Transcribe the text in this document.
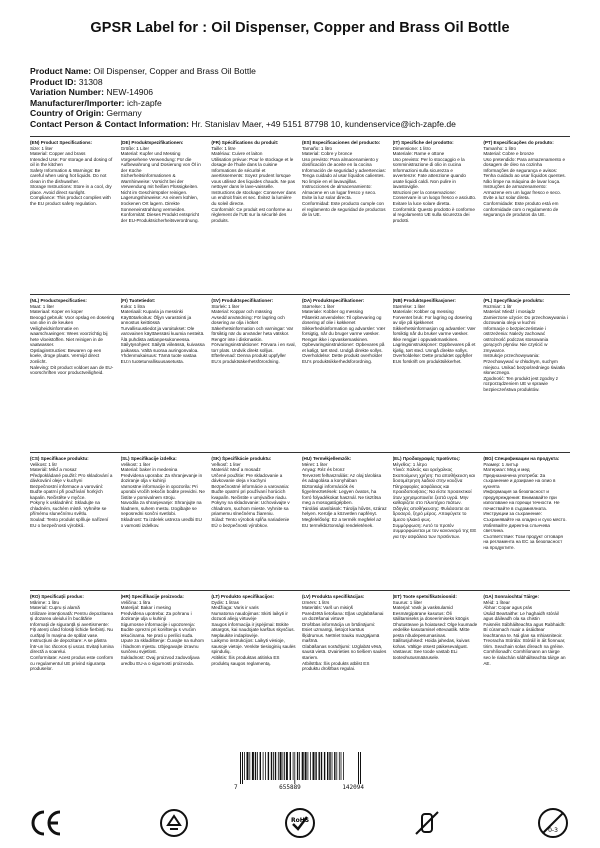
GPSR Label for : Oil Dispenser, Copper and Brass Oil Bottle
Product Name: Oil Dispenser, Copper and Brass Oil Bottle
Product ID: 31308
Variation Number: NEW-14906
Manufacturer/Importer: ich-zapfe
Country of Origin: Germany
Contact Person & Contact Information: Hr. Stanislav Maer, +49 5151 87798 10, kundenservice@ich-zapfe.de
(EN) Product Specifications:
Size: 1 liter
Material: Copper and brass
Intended Use: For storage and dosing of oil in the kitchen
Safety Information & Warnings: Be careful when using hot liquids. Do not clean in the dishwasher.
Storage Instructions: Store in a cool, dry place. Avoid direct sunlight.
Compliance: This product complies with the EU product safety regulation.
(DE) Produktspezifikationen:
Größe: 1 Liter
Material: Kupfer und Messing
Vorgesehene Verwendung: Für die Aufbewahrung und Dosierung von Öl in der Küche
Sicherheitsinformationen & Warnhinweise: Vorsicht bei der Verwendung mit heißen Flüssigkeiten. Nicht im Geschirrspüler reinigen.
Lagerungshinweise: An einem kühlen, trockenen Ort lagern. Direkte Sonneneinstrahlung vermeiden.
Konformität: Dieses Produkt entspricht der EU-Produktsicherheitsverordnung.
(FR) Spécifications du produit:
Taille: 1 litre
Matériau: Cuivre et laiton
Utilisation prévue: Pour le stockage et le dosage de l'huile dans la cuisine
Informations de sécurité et avertissements: Soyez prudent lorsque vous utilisez des liquides chauds. Ne pas nettoyer dans le lave-vaisselle.
Instructions de stockage: Conserver dans un endroit frais et sec. Évitez la lumière du soleil directe.
Conformité: Ce produit est conforme au règlement de l'UE sur la sécurité des produits.
(ES) Especificaciones del producto:
Tamaño: 1 litro
Material: Cobre y bronce
Uso previsto: Para almacenamiento y dosificación de aceite en la cocina
Información de seguridad y advertencias: Tenga cuidado al usar líquidos calientes. No limpie en el lavavajillas.
Instrucciones de almacenamiento: Almacene en un lugar fresco y seco. Evite la luz solar directa.
Conformidad: Este producto cumple con el reglamento de seguridad de productos de la UE.
(IT) Specifiche del prodotto:
Dimensione: 1 litro
Materiale: Rame e ottone
Uso previsto: Per lo stoccaggio e la somministrazione di olio in cucina
Informazioni sulla sicurezza e avvertenze: Fate attenzione quando usate liquidi caldi. Non pulire in lavastoviglie.
Istruzioni per la conservazione: Conservare in un luogo fresco e asciutto. Evitare la luce solare diretta.
Conformità: Questo prodotto è conforme al regolamento UE sulla sicurezza dei prodotti.
(PT) Especificações do produto:
Tamanho: 1 litro
Material: Cobre e bronze
Uso pretendido: Para armazenamento e dosagem de óleo na cozinha
Informações de segurança e avisos: Tenha cuidado ao usar líquidos quentes. Não limpe na máquina de lavar louça.
Instruções de armazenamento: Armazene em um lugar fresco e seco. Evite a luz solar direta.
Conformidade: Este produto está em conformidade com o regulamento de segurança de produtos da UE.
(NL) Productspecificaties:
Maat: 1 liter
Materiaal: Koper en koper
Beoogd gebruik: Voor opslag en dosering van olie in de keuken
Veiligheidsinformatie en waarschuwingen: Wees voorzichtig bij hete vloeistoffen. Niet reinigen in de vaatwasser.
Opslaginstructies: Bewaren op een koele, droge plaats. Vermijd direct zonlicht.
Naleving: Dit product voldoet aan de EU-voorschriften voor productveiligheid.
(FI) Tuotetiedot:
Koko: 1 litra
Materiaali: Kuparia ja messinki
Käyttötarkoitus: Öljyn varastointi ja annostus keittiössä
Turvallisuustiedot ja varoitukset: Ole varovainen käyttäessäsi kuumia nesteitä. Älä puhdista astianpesukoneessa.
Säilytysohjeet: Säilytä viileässä, kuivassa paikassa. Vältä suoraa auringonvaloa.
Yhdenmukaisuus: Tämä tuote vastaa EU:n tuoteturvallisuusasetusta.
(SV) Produktspecifikationer:
Storlek: 1 liter
Material: Koppar och mässing
Avsedd användning: För lagring och dosering av olja i köket
Säkerhetsinformation och varningar: Var försiktig när du använder heta vätskor. Rengör inte i diskmaskin.
Förvaringsinstruktioner: Förvara i en sval, torr plats. Undvik direkt solljus.
Efterlevnad: Denna produkt uppfyller EU:s produktsäkerhetsförordning.
(DA) Produktspecifikationer:
Størrelse: 1 liter
Materiale: Kobber og messing
Påtænkt anvendelse: Til opbevaring og dosering af olie i køkkenet
Sikkerhedsinformation og advarsler: Vær forsigtig, når du bruger varme væsker. Rengør ikke i opvaskemaskinen.
Opbevaringsinstruktioner: Opbevares på et køligt, tørt sted. Undgå direkte sollys.
Overholdelse: Dette produkt overholder EU's produktsikkerhedsforordning.
(NB) Produktspesifikasjoner:
Størrelse: 1 liter
Materiale: Kobber og messing
Forventet bruk: For lagring og dosering av olje på kjøkkenet
Sikkerhetsinformasjon og advarsler: Vær forsiktig når du bruker varme væsker. Ikke rengjør i oppvaskmaskinen.
Lagringsinstruksjoner: Oppbevares på et kjølig, tørt sted. Unngå direkte sollys.
Overholdelse: Dette produktet oppfyller EUs forskrift om produktsikkerhet.
(PL) Specyfikacje produktu:
Rozmiar: 1 litr
Materiał: Miedź i mosiądz
Zamierzone użycie: Do przechowywania i dozowania oleju w kuchni
Informacje o bezpieczeństwie i ostrzeżenia: Należy zachować ostrożność podczas stosowania gorących płynów. Nie czyścić w zmywarce.
Instrukcje przechowywania: Przechowywać w chłodnym, suchym miejscu. Unikać bezpośredniego światła słonecznego.
Zgodność: Ten produkt jest zgodny z rozporządzeniem UE w sprawie bezpieczeństwa produktów.
(CS) Specifikace produktu:
Velikost: 1 litr
Materiál: Měď a mosaz
Předpokládané použití: Pro skladování a dávkování oleje v kuchyni
Bezpečnostní informace a varování: Buďte opatrní při používání horkých kapalin. Nečistěte v myčce.
Pokyny k uskladnění: Skladujte na chladném, suchém místě. Vyhněte se přímému slunečnímu světlu.
Soulad: Tento produkt splňuje nařízení EU o bezpečnosti výrobků.
(SL) Specifikacije izdelka:
Velikost: 1 liter
Material: baker in medenina
Predvidena uporaba: Za shranjevanje in doziranje olja v kuhinji
Varnostne informacije in opozorila: Pri uporabi vročih tekočin bodite previdni. Ne čistite v pomivalnem stroju.
Navodila za shranjevanje: Shranjujte na hladnem, suhem mestu. Izogibajte se neposredni sončni svetlobi.
Skladnost: Ta izdelek ustreza uredbi EU o varnosti izdelkov.
(SK) Špecifikácie produktu:
Veľkosť: 1 liter
Materiál: Meď a mosadz
Určené použitie: Pre skladovanie a dávkovanie oleja v kuchyni
Bezpečnostné informácie a varovania: Buďte opatrní pri používaní horúcich kvapalín. Nečistite v umývačke riadu.
Pokyny na skladovanie: Uchovávajte v chladnom, suchom mieste. Vyhnite sa priamemu slnečnému žiareniu.
Súlad: Tento výrobok spĺňa nariadenie EÚ o bezpečnosti výrobkov.
(HU) Termékjellemzők:
Méret: 1 liter
Anyag: Réz és bronz
Tervezett felhasználás: Az olaj tárolása és adagolása a konyhában
Biztonsági információk és figyelmeztetések: Legyen óvatos, ha forró folyadékokat használ. Ne tisztítsa meg a mosogatógépben.
Tárolási utasítások: Tárolja hűvös, száraz helyen. Kerülje a közvetlen napfényt.
Megfelelőség: Ez a termék megfelel az EU termékbiztonsági rendeletének.
(EL) Προδιαγραφές προϊόντος:
Μέγεθος: 1 λίτρο
Υλικό: Χαλκός και ορείχαλκος
Σκοπούμενη χρήση: Για αποθήκευση και δοσομέτρηση λαδιού στην κουζίνα
Πληροφορίες ασφάλειας και προειδοποιήσεις: Να είστε προσεκτικοί όταν χρησιμοποιείτε ζεστά υγρά. Μην καθαρίζετε στο πλυντήριο πιάτων.
Οδηγίες αποθήκευσης: Φυλάσσετε σε δροσερό, ξηρό μέρος. Αποφύγετε το άμεσο ηλιακό φως.
Συμμόρφωση: Αυτό το προϊόν συμμορφώνεται με τον κανονισμό της ΕΕ για την ασφάλεια των προϊόντων.
(BG) Спецификации на продукта:
Размер: 1 литър
Материал: Мед и мед
Предназначена употреба: За съхранение и дозиране на олио в кухнята
Информация за безопасност и предупреждения: Внимавайте при използване на горещи течности. Не почиствайте в съдомиялната.
Инструкции за съхранение: Съхранявайте на хладно и сухо място. Избягвайте директна слънчева светлина.
Съответствие: Този продукт отговаря на регламента на ЕС за безопасност на продуктите.
(RO) Specificații produs:
Mărime: 1 litru
Material: Cupru și alamă
Utilizare intenționată: Pentru depozitarea și dozarea uleiului în bucătărie
Informații de siguranță și avertismente: Fiți atenți când folosiți lichide fierbinți. Nu curățați în mașina de spălat vase.
Instrucțiuni de depozitare: A se păstra într-un loc răcoros și uscat. Evitați lumina directă a soarelui.
Conformitate: Acest produs este conform cu regulamentul UE privind siguranța produselor.
(HR) Specifikacije proizvoda:
Veličina: 1 litra
Materijal: Bakar i mesing
Predviđena upotreba: Za pohranu i doziranje ulja u kuhinji
Sigurnosne informacije i upozorenja: Budite oprezni pri korištenju s vrućim tekućinama. Ne prati u perilici suđa.
Upute za skladištenje: Čuvajte na suhom i hladnom mjestu. Izbjegavajte izravnu sunčevu svjetlost.
Sukladnost: Ovaj proizvod zadovoljava uredbu EU-a o sigurnosti proizvoda.
(LT) Produkto specifikacijos:
Dydis: 1 litras
Medžiaga: Varis ir varis
Numatoma naudojimas: Skirti laikyti ir dozuoti aliejų virtuvėje
Saugos informacija ir įspėjimai: Būkite atsargūs, kai naudojate karštus skysčius. Neplaukite indaplovėje.
Laikymo instrukcijos: Laikyti vėsioje, sausoje vietoje. Venkite tiesioginių saulės spindulių.
Atitiktis: Šis produktas atitinka ES produktų saugos reglamentą.
(LV) Produkta specifikācijas:
Izmērs: 1 litrs
Materiāls: Varš un misiņš
Paredzētā lietošana: Eļļas uzglabāšanai un dozēšanai virtuvē
Drošības informācija un brīdinājumi: Esiet uzmanīgi, lietojot karstus šķidrumus. Netīriet trauku mazgājamā mašīnā.
Glabāšanas norādījumi: Uzglabāt vēsā, sausā vietā. Izvairieties no tiešiem saules stariem.
Atbilstība: Šis produkts atbilst ES produktu drošības regulai.
(ET) Toote spetsifikatsioonid:
Suurus: 1 liiter
Materjal: Vask ja vasksulamid
Eesmärgipärane kasutus: Õli säilitamiseks ja doseerimiseks köögis
Ohutusteave ja hoiatused: Olge kuumade vedelike kasutamisel ettevaatlik. Mitte pesta nõudepesumasinas.
Säilitusjuhised: Hoida jahedas, kuivas kohas. Vältige otsest päikesevalgust.
Vastavus: See toode vastab ELi tooteohutusmäärusele.
(GA) Sonraíochtaí Táirge:
Méid: 1 lítear
Ábhar: Copar agus prás
Úsáid Beartaithe: Le haghaidh stóráil agus dáileadh ola sa chistin
Faisnéis Sábháilteachta agus Rabhaidh: Bí cúramach nuair a úsáidtear leachtanna te. Ná glan sa mhiasniteoir.
Treoracha Stórála: Stóráil in áit fionnuar, tirim. Seachain solas díreach na gréine.
Comhlíonadh: Comhlíonann an táirge seo le rialachán sábháilteachta táirge an AE.
7	655889	142094
RoHS
0-3
